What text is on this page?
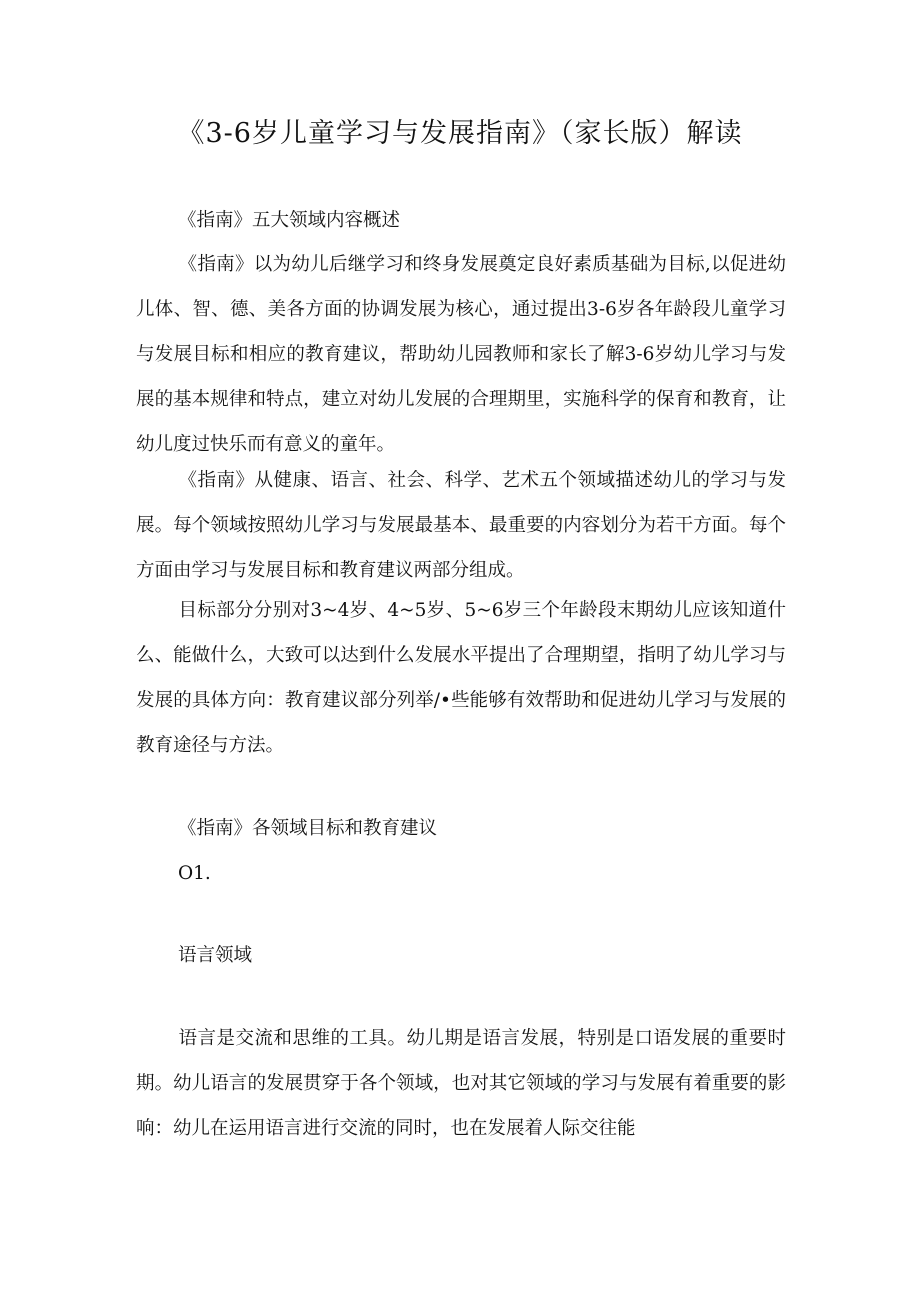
《3-6岁儿童学习与发展指南》（家长版）解读

《指南》五大领域内容概述

《指南》以为幼儿后继学习和终身发展奠定良好素质基础为目标,以促进幼儿体、智、德、美各方面的协调发展为核心，通过提出3-6岁各年龄段儿童学习与发展目标和相应的教育建议，帮助幼儿园教师和家长了解3-6岁幼儿学习与发展的基本规律和特点，建立对幼儿发展的合理期里，实施科学的保育和教育，让幼儿度过快乐而有意义的童年。

《指南》从健康、语言、社会、科学、艺术五个领域描述幼儿的学习与发展。每个领域按照幼儿学习与发展最基本、最重要的内容划分为若干方面。每个方面由学习与发展目标和教育建议两部分组成。

目标部分分别对3~4岁、4~5岁、5~6岁三个年龄段末期幼儿应该知道什么、能做什么，大致可以达到什么发展水平提出了合理期望，指明了幼儿学习与发展的具体方向：教育建议部分列举/•些能够有效帮助和促进幼儿学习与发展的教育途径与方法。

《指南》各领域目标和教育建议

O1.

语言领域

语言是交流和思维的工具。幼儿期是语言发展，特别是口语发展的重要时期。幼儿语言的发展贯穿于各个领域，也对其它领域的学习与发展有着重要的影响：幼儿在运用语言进行交流的同时，也在发展着人际交往能
